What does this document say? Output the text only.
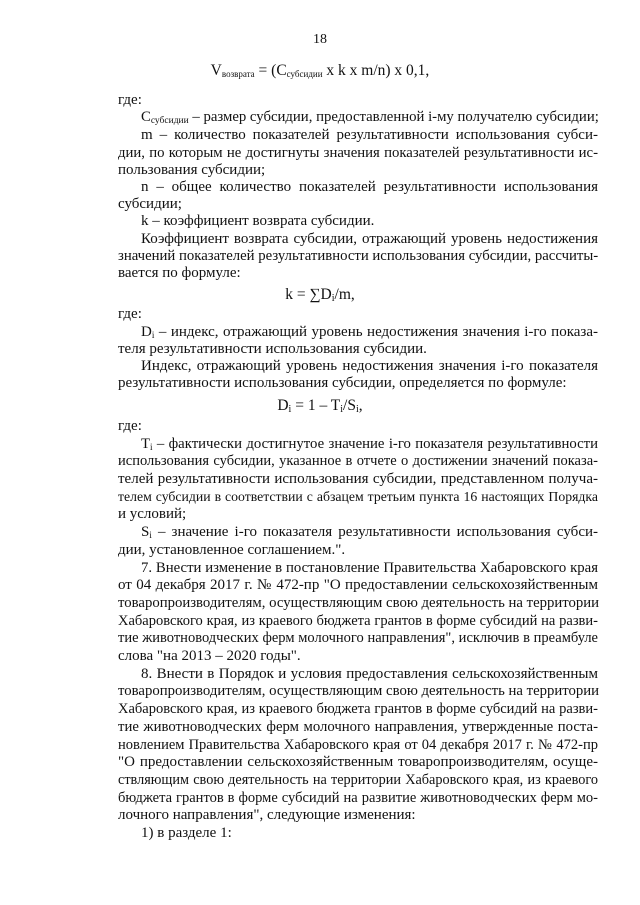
18
$V_{возврата} = (C_{субсидии}$ x k x m/n) x 0,1,
где:
$C_{субсидии}$ – размер субсидии, предоставленной i-му получателю субсидии;
m – количество показателей результативности использования субси-
дии, по которым не достигнуты значения показателей результативности ис-
пользования субсидии;
n – общее количество показателей результативности использования
субсидии;
k – коэффициент возврата субсидии.
Коэффициент возврата субсидии, отражающий уровень недостижения
значений показателей результативности использования субсидии, рассчиты-
вается по формуле:
$k = \sum D_i/m$,
где:
$D_i$ – индекс, отражающий уровень недостижения значения i-го показа-
теля результативности использования субсидии.
Индекс, отражающий уровень недостижения значения i-го показателя
результативности использования субсидии, определяется по формуле:
$D_i = 1 - T_i/S_i$,
где:
$T_i$ – фактически достигнутое значение i-го показателя результативности
использования субсидии, указанное в отчете о достижении значений показа-
телей результативности использования субсидии, представленном получа-
телем субсидии в соответствии с абзацем третьим пункта 16 настоящих Порядка
и условий;
$S_i$ – значение i-го показателя результативности использования субси-
дии, установленное соглашением.".
7. Внести изменение в постановление Правительства Хабаровского края
от 04 декабря 2017 г. № 472-пр "О предоставлении сельскохозяйственным
товаропроизводителям, осуществляющим свою деятельность на территории
Хабаровского края, из краевого бюджета грантов в форме субсидий на разви-
тие животноводческих ферм молочного направления", исключив в преамбуле
слова "на 2013 – 2020 годы".
8. Внести в Порядок и условия предоставления сельскохозяйственным
товаропроизводителям, осуществляющим свою деятельность на территории
Хабаровского края, из краевого бюджета грантов в форме субсидий на разви-
тие животноводческих ферм молочного направления, утвержденные поста-
новлением Правительства Хабаровского края от 04 декабря 2017 г. № 472-пр
"О предоставлении сельскохозяйственным товаропроизводителям, осуще-
ствляющим свою деятельность на территории Хабаровского края, из краевого
бюджета грантов в форме субсидий на развитие животноводческих ферм мо-
лочного направления", следующие изменения:
1) в разделе 1:
